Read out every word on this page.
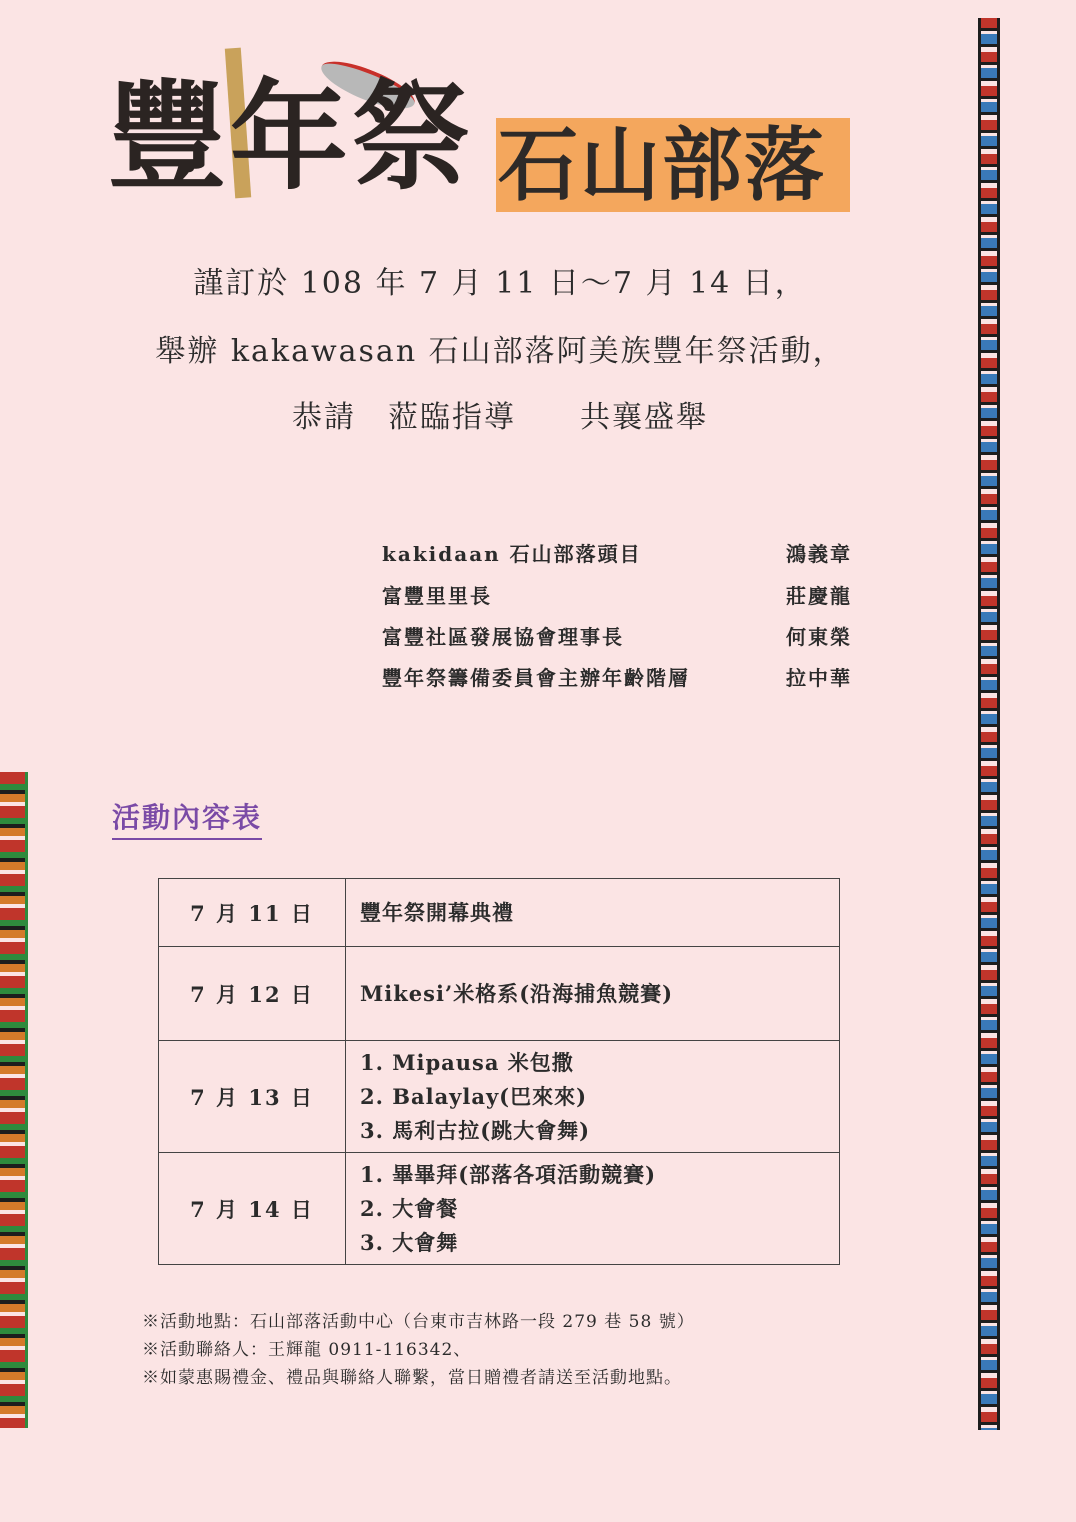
豐年祭 石山部落
謹訂於 108 年 7 月 11 日～7 月 14 日，
舉辦 kakawasan 石山部落阿美族豐年祭活動，
恭請　蒞臨指導　　共襄盛舉
kakidaan 石山部落頭目	鴻義章
富豐里里長	莊慶龍
富豐社區發展協會理事長	何東榮
豐年祭籌備委員會主辦年齡階層	拉中華
活動內容表
7 月 11 日	豐年祭開幕典禮

7 月 12 日	Mikesi’米格系(沿海捕魚競賽)

7 月 13 日	1. Mipausa 米包撒
2. Balaylay(巴來來)
3. 馬利古拉(跳大會舞)

7 月 14 日	1. 畢畢拜(部落各項活動競賽)
2. 大會餐
3. 大會舞
※活動地點：石山部落活動中心（台東市吉林路一段 279 巷 58 號）
※活動聯絡人：王輝龍 0911-116342、
※如蒙惠賜禮金、禮品與聯絡人聯繫，當日贈禮者請送至活動地點。
